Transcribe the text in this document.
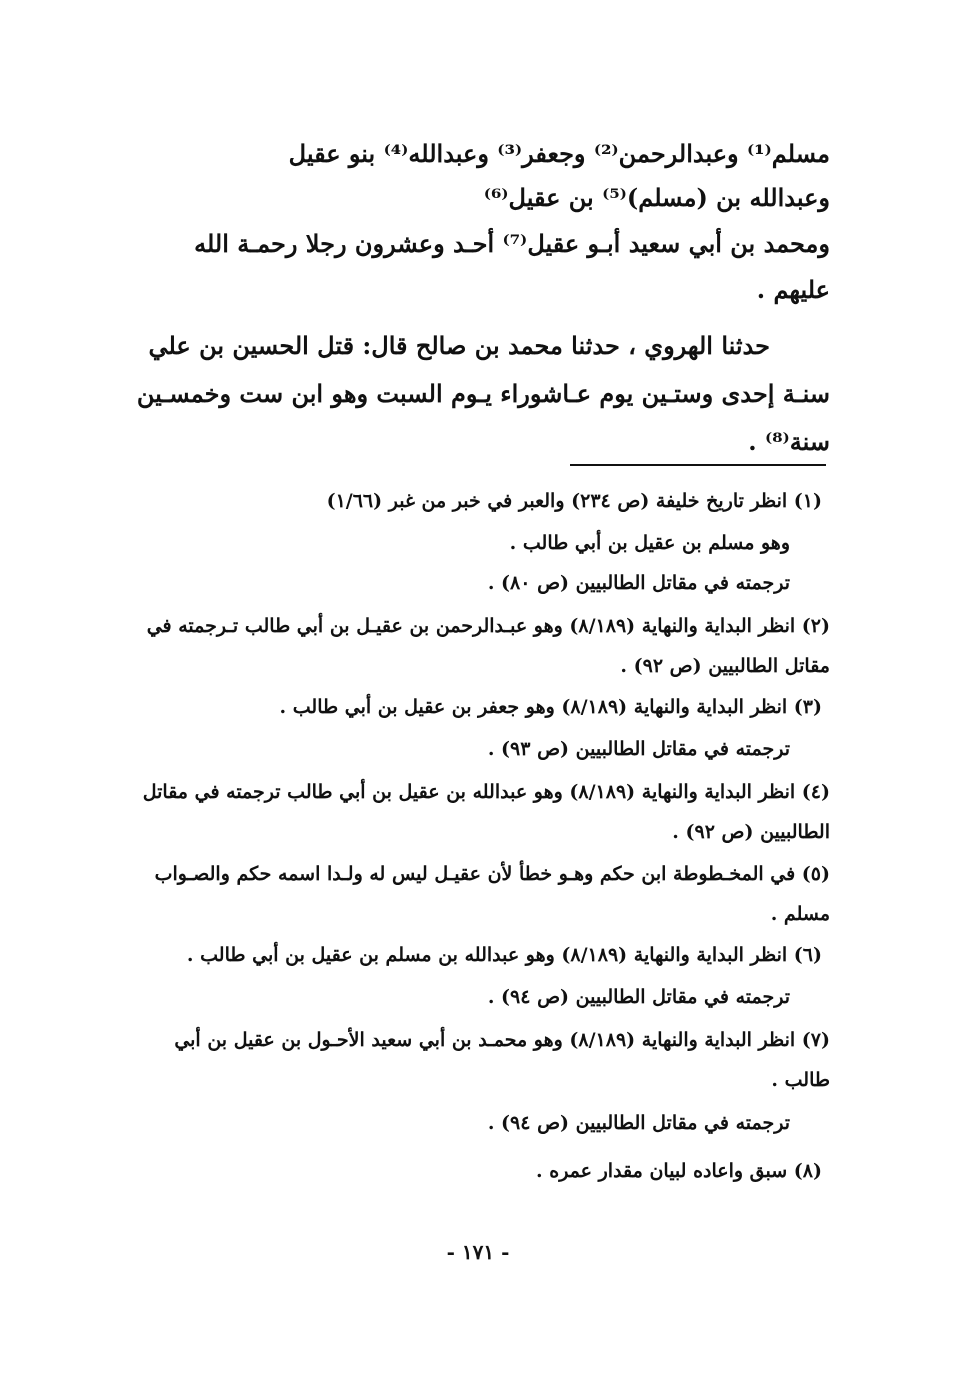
مسلم⁽¹⁾ وعبدالرحمن⁽²⁾ وجعفر⁽³⁾ وعبدالله⁽⁴⁾ بنو عقيل

وعبدالله بن (مسلم)⁽⁵⁾ بن عقيل⁽⁶⁾

ومحمد بن أبي سعيد أبـو عقيل⁽⁷⁾ أحـد وعشرون رجلا رحمـة الله

عليهم .

حدثنا الهروي ، حدثنا محمد بن صالح قال: قتل الحسين بن علي سنـة إحدى وستـين يوم عـاشوراء يـوم السبت وهو ابن ست وخمسـين سنة⁽⁸⁾ .

(١) انظر تاريخ خليفة (ص ٢٣٤) والعبر في خبر من غبر (١/٦٦)

وهو مسلم بن عقيل بن أبي طالب .

ترجمته في مقاتل الطالبيين (ص ٨٠) .

(٢) انظر البداية والنهاية (٨/١٨٩) وهو عبـدالرحمن بن عقيـل بن أبي طالب تـرجمته في مقاتل الطالبيين (ص ٩٢) .

(٣) انظر البداية والنهاية (٨/١٨٩) وهو جعفر بن عقيل بن أبي طالب .

ترجمته في مقاتل الطالبيين (ص ٩٣) .

(٤) انظر البداية والنهاية (٨/١٨٩) وهو عبدالله بن عقيل بن أبي طالب ترجمته في مقاتل الطالبيين (ص ٩٢) .

(٥) في المخـطوطة ابن حكم وهـو خطأ لأن عقيـل ليس له ولـدا اسمه حكم والصـواب مسلم .

(٦) انظر البداية والنهاية (٨/١٨٩) وهو عبدالله بن مسلم بن عقيل بن أبي طالب .

ترجمته في مقاتل الطالبيين (ص ٩٤) .

(٧) انظر البداية والنهاية (٨/١٨٩) وهو محمـد بن أبي سعيد الأحـول بن عقيل بن أبي طالب .

ترجمته في مقاتل الطالبيين (ص ٩٤) .

(٨) سبق واعاده لبيان مقدار عمره .

- ١٧١ -
